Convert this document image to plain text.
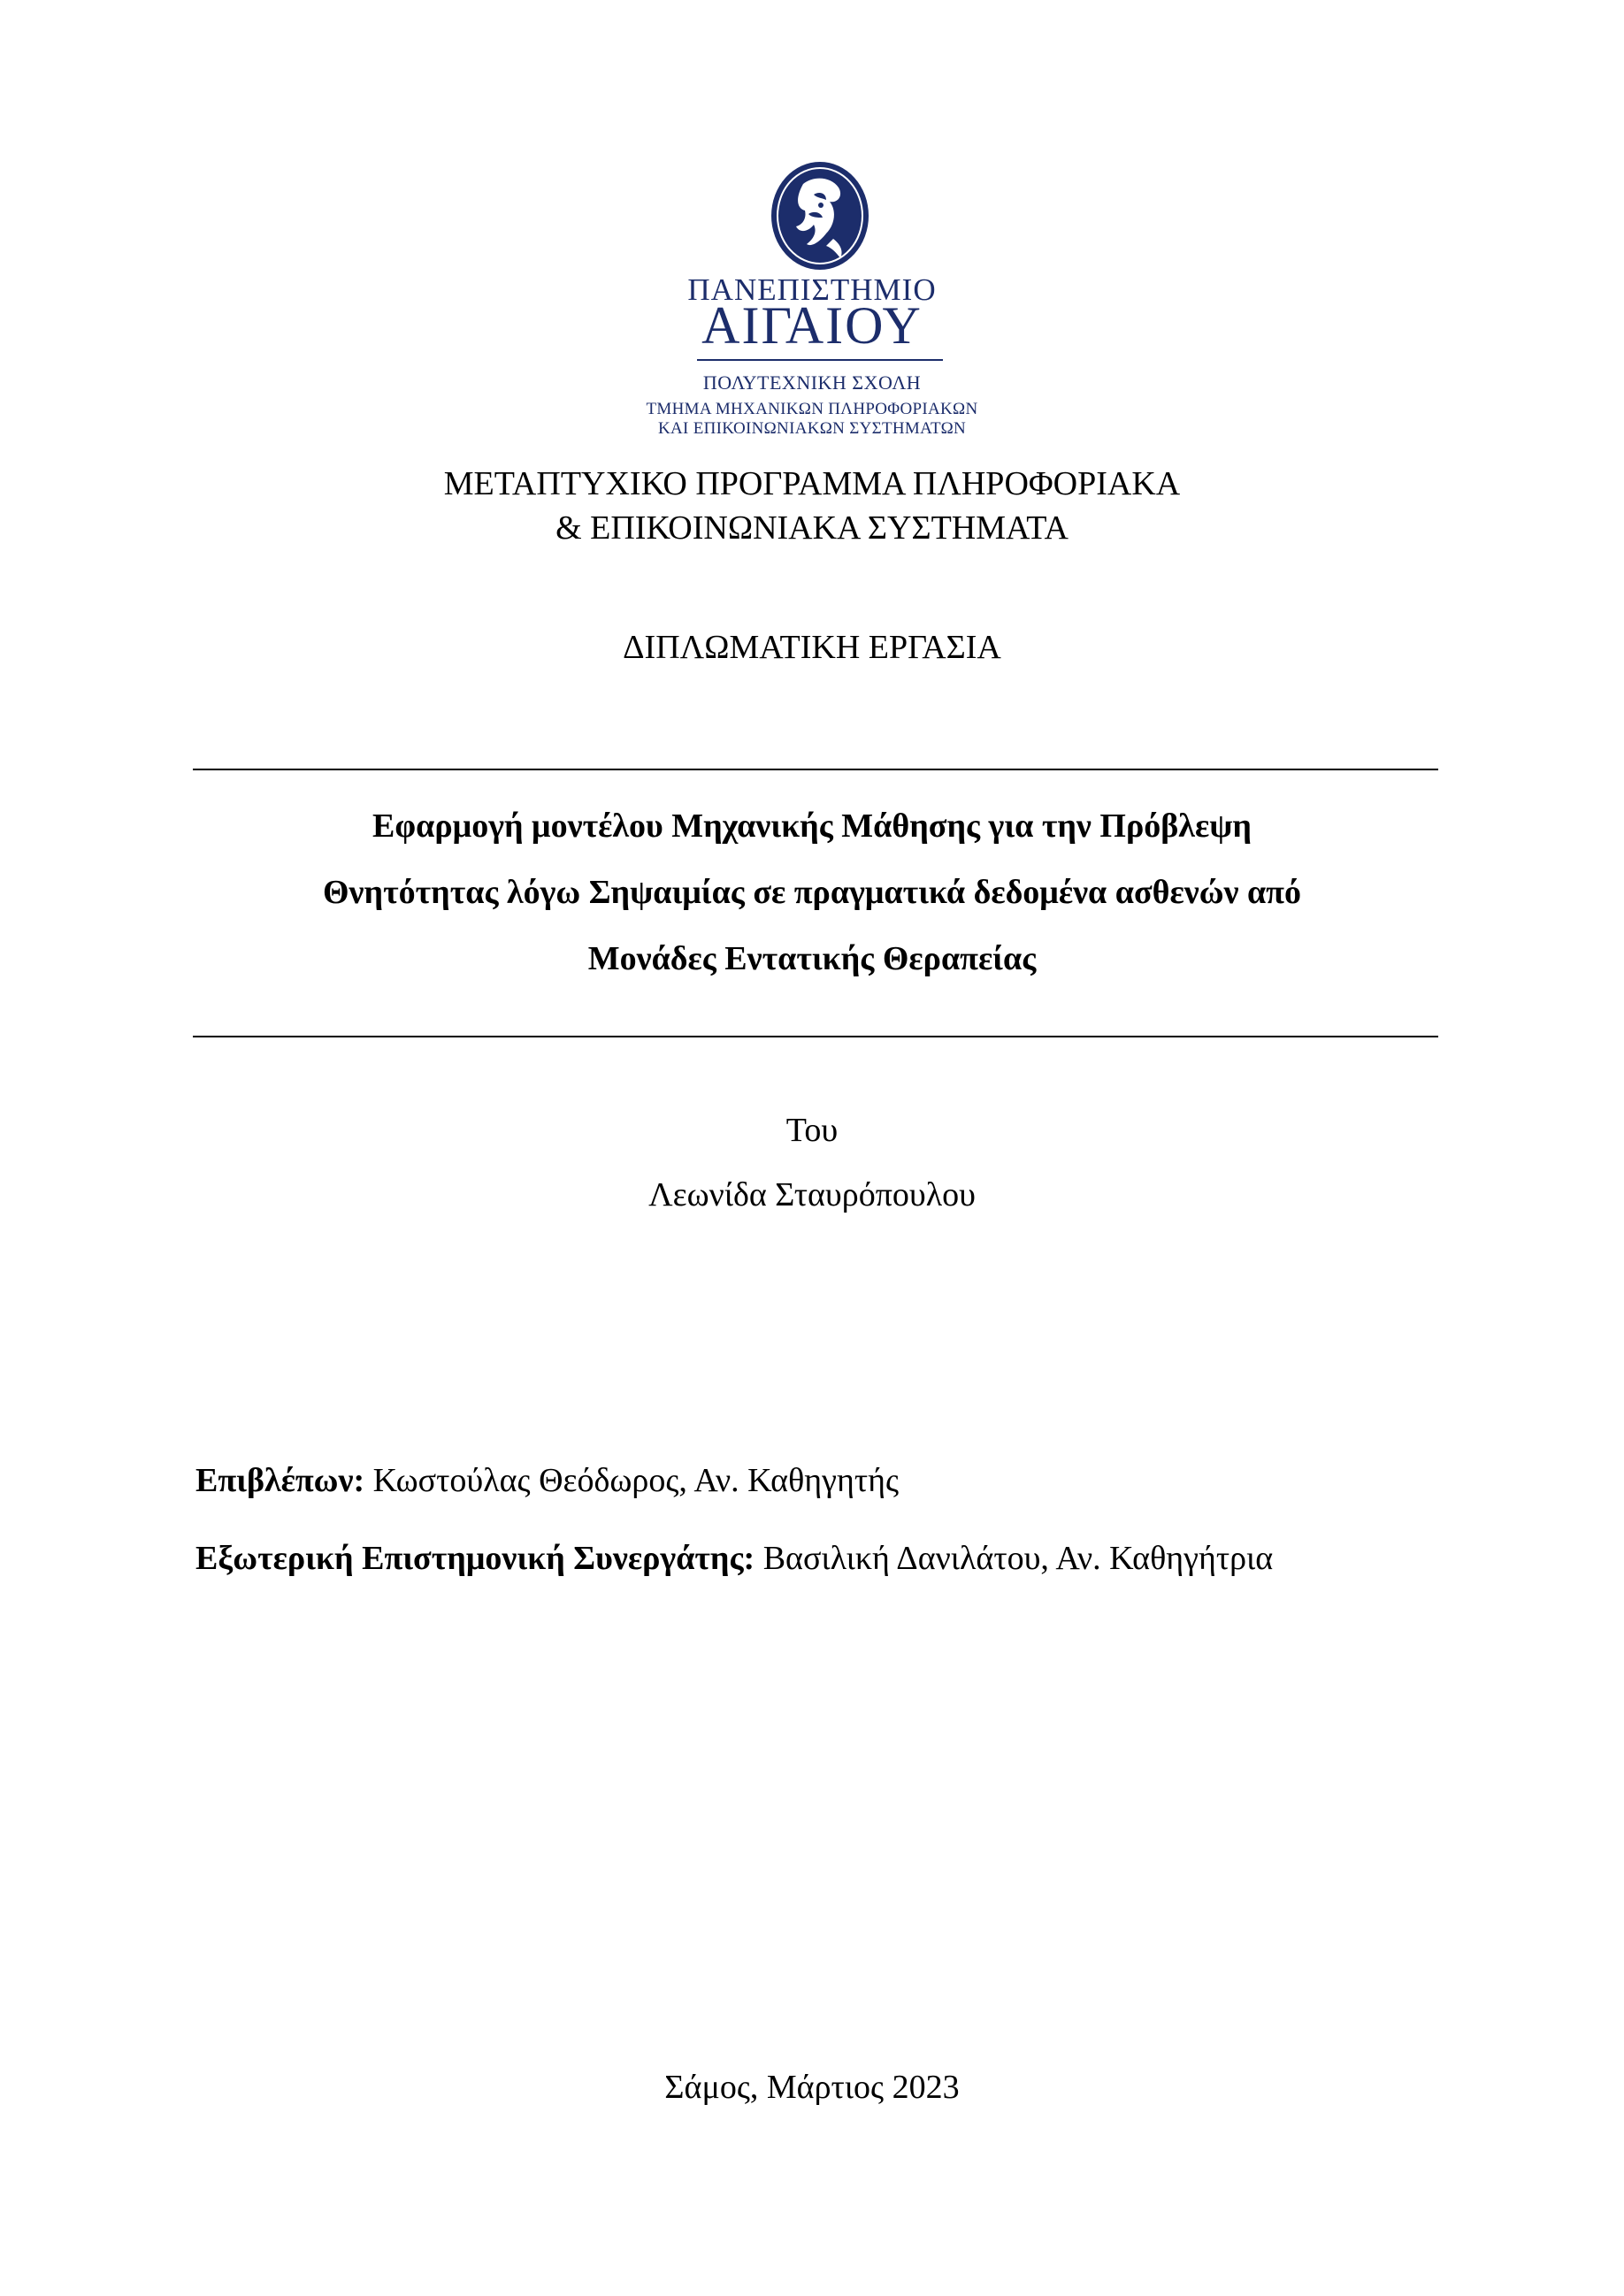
ΠΑΝΕΠΙΣΤΗΜΙΟ
ΑΙΓΑΙΟΥ
ΠΟΛΥΤΕΧΝΙΚΗ ΣΧΟΛΗ
ΤΜΗΜΑ ΜΗΧΑΝΙΚΩΝ ΠΛΗΡΟΦΟΡΙΑΚΩΝ
ΚΑΙ ΕΠΙΚΟΙΝΩΝΙΑΚΩΝ ΣΥΣΤΗΜΑΤΩΝ
ΜΕΤΑΠΤΥΧΙΚΟ ΠΡΟΓΡΑΜΜΑ ΠΛΗΡΟΦΟΡΙΑΚΑ
& ΕΠΙΚΟΙΝΩΝΙΑΚΑ ΣΥΣΤΗΜΑΤΑ
ΔΙΠΛΩΜΑΤΙΚΗ ΕΡΓΑΣΙΑ
Εφαρμογή μοντέλου Μηχανικής Μάθησης για την Πρόβλεψη
Θνητότητας λόγω Σηψαιμίας σε πραγματικά δεδομένα ασθενών από
Μονάδες Εντατικής Θεραπείας
Του
Λεωνίδα Σταυρόπουλου
Επιβλέπων: Κωστούλας Θεόδωρος, Αν. Καθηγητής
Εξωτερική Επιστημονική Συνεργάτης: Βασιλική Δανιλάτου, Αν. Καθηγήτρια
Σάμος, Μάρτιος 2023
